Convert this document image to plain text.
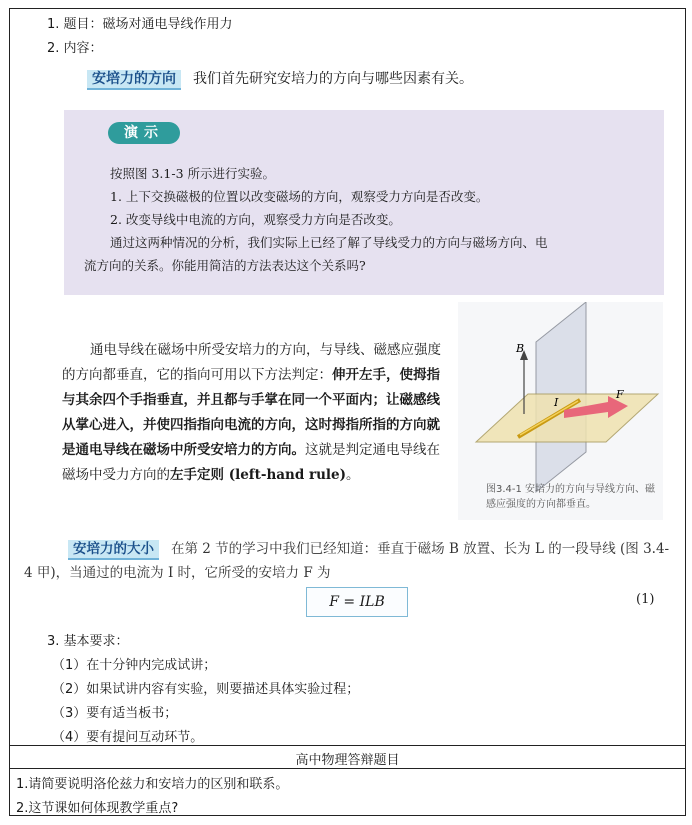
1. 题目：磁场对通电导线作用力
2. 内容：
安培力的方向 我们首先研究安培力的方向与哪些因素有关。
演示

按照图 3.1-3 所示进行实验。

1. 上下交换磁极的位置以改变磁场的方向，观察受力方向是否改变。

2. 改变导线中电流的方向，观察受力方向是否改变。

通过这两种情况的分析，我们实际上已经了解了导线受力的方向与磁场方向、电

流方向的关系。你能用简洁的方法表达这个关系吗?

通电导线在磁场中所受安培力的方向，与导线、磁感应强度的方向都垂直，它的指向可用以下方法判定：伸开左手，使拇指与其余四个手指垂直，并且都与手掌在同一个平面内；让磁感线从掌心进入，并使四指指向电流的方向，这时拇指所指的方向就是通电导线在磁场中所受安培力的方向。这就是判定通电导线在磁场中受力方向的左手定则 (left-hand rule)。
B
I
F
图3.4-1 安培力的方向与导线方向、磁感应强度的方向都垂直。
安培力的大小 在第 2 节的学习中我们已经知道：垂直于磁场 B 放置、长为 L 的一段导线 (图 3.4-4 甲)，当通过的电流为 I 时，它所受的安培力 F 为
F = ILB	(1)
3. 基本要求：
（1）在十分钟内完成试讲；
（2）如果试讲内容有实验，则要描述具体实验过程；
（3）要有适当板书；
（4）要有提问互动环节。
高中物理答辩题目
1.请简要说明洛伦兹力和安培力的区别和联系。
2.这节课如何体现教学重点?
